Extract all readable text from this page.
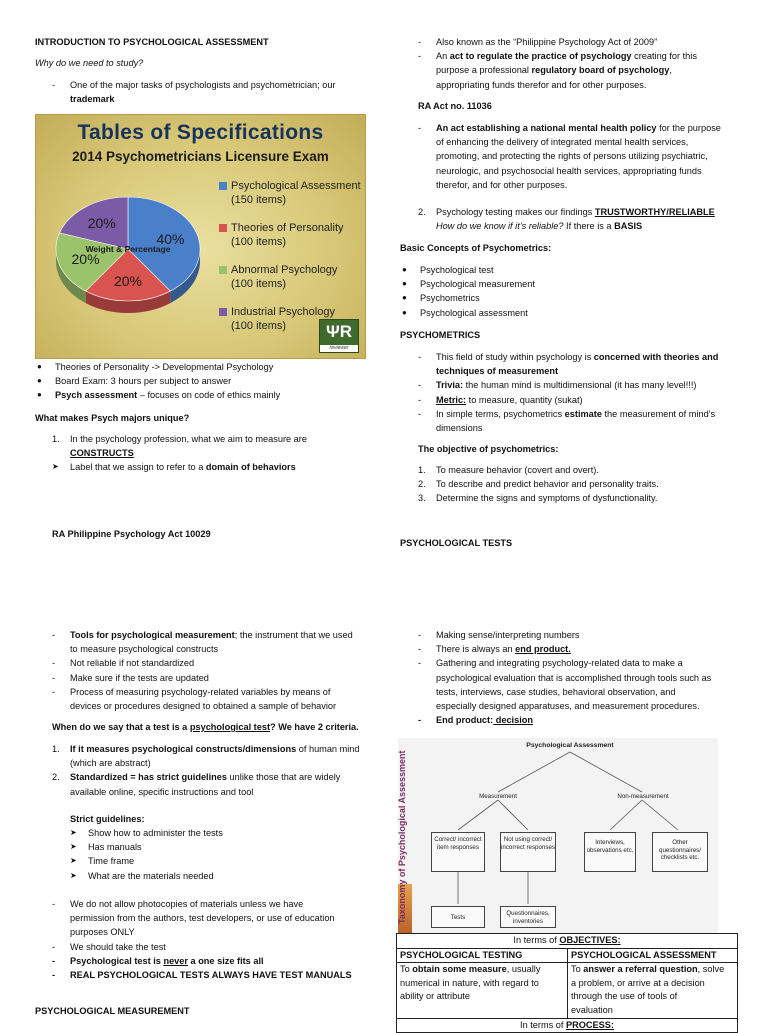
INTRODUCTION TO PSYCHOLOGICAL ASSESSMENT
Why do we need to study?
- One of the major tasks of psychologists and psychometrician; our
trademark
Tables of Specifications
2014 Psychometricians Licensure Exam
40%
20%
20%
20%
Weight & Percentage
Psychological Assessment
(150 items)
Theories of Personality
(100 items)
Abnormal Psychology
(100 items)
Industrial Psychology
(100 items)	ΨR
reviewer
● Theories of Personality -> Developmental Psychology
● Board Exam: 3 hours per subject to answer
● Psych assessment – focuses on code of ethics mainly
What makes Psych majors unique?
1. In the psychology profession, what we aim to measure are
CONSTRUCTS
➤ Label that we assign to refer to a domain of behaviors
RA Philippine Psychology Act 10029
- Tools for psychological measurement; the instrument that we used
to measure psychological constructs
- Not reliable if not standardized
- Make sure if the tests are updated
- Process of measuring psychology-related variables by means of
devices or procedures designed to obtained a sample of behavior
When do we say that a test is a psychological test? We have 2 criteria.
1. If it measures psychological constructs/dimensions of human mind
(which are abstract)
2. Standardized = has strict guidelines unlike those that are widely
available online, specific instructions and tool
Strict guidelines:
➤ Show how to administer the tests
➤ Has manuals
➤ Time frame
➤ What are the materials needed
- We do not allow photocopies of materials unless we have
permission from the authors, test developers, or use of education
purposes ONLY
- We should take the test
- Psychological test is never a one size fits all
- REAL PSYCHOLOGICAL TESTS ALWAYS HAVE TEST MANUALS
PSYCHOLOGICAL MEASUREMENT
- Also known as the “Philippine Psychology Act of 2009”
- An act to regulate the practice of psychology creating for this
purpose a professional regulatory board of psychology,
appropriating funds therefor and for other purposes.
RA Act no. 11036
- An act establishing a national mental health policy for the purpose
of enhancing the delivery of integrated mental health services,
promoting, and protecting the rights of persons utilizing psychiatric,
neurologic, and psychosocial health services, appropriating funds
therefor, and for other purposes.
2. Psychology testing makes our findings TRUSTWORTHY/RELIABLE
How do we know if it’s reliable? If there is a BASIS
Basic Concepts of Psychometrics:
● Psychological test
● Psychological measurement
● Psychometrics
● Psychological assessment
PSYCHOMETRICS
- This field of study within psychology is concerned with theories and
techniques of measurement
- Trivia: the human mind is multidimensional (it has many level!!!)
- Metric: to measure, quantity (sukat)
- In simple terms, psychometrics estimate the measurement of mind’s
dimensions
The objective of psychometrics:
1. To measure behavior (covert and overt).
2. To describe and predict behavior and personality traits.
3. Determine the signs and symptoms of dysfunctionality.
PSYCHOLOGICAL TESTS
- Making sense/interpreting numbers
- There is always an end product.
- Gathering and integrating psychology-related data to make a
psychological evaluation that is accomplished through tools such as
tests, interviews, case studies, behavioral observation, and
especially designed apparatuses, and measurement procedures.
- End product: decision
Taxonomy of Psychological Assessment
Psychological Assessment
Measurement	Non-measurement
Correct/ incorrect item responses
Not using correct/ incorrect responses
Interviews, observations etc.
Other questionnaires/ checklists etc.
Tests
Questionnaires, inventories
In terms of OBJECTIVES:	
PSYCHOLOGICAL TESTING	PSYCHOLOGICAL ASSESSMENT
To obtain some measure, usually
numerical in nature, with regard to
ability or attribute	To answer a referral question, solve
a problem, or arrive at a decision
through the use of tools of
evaluation
In terms of PROCESS:	
